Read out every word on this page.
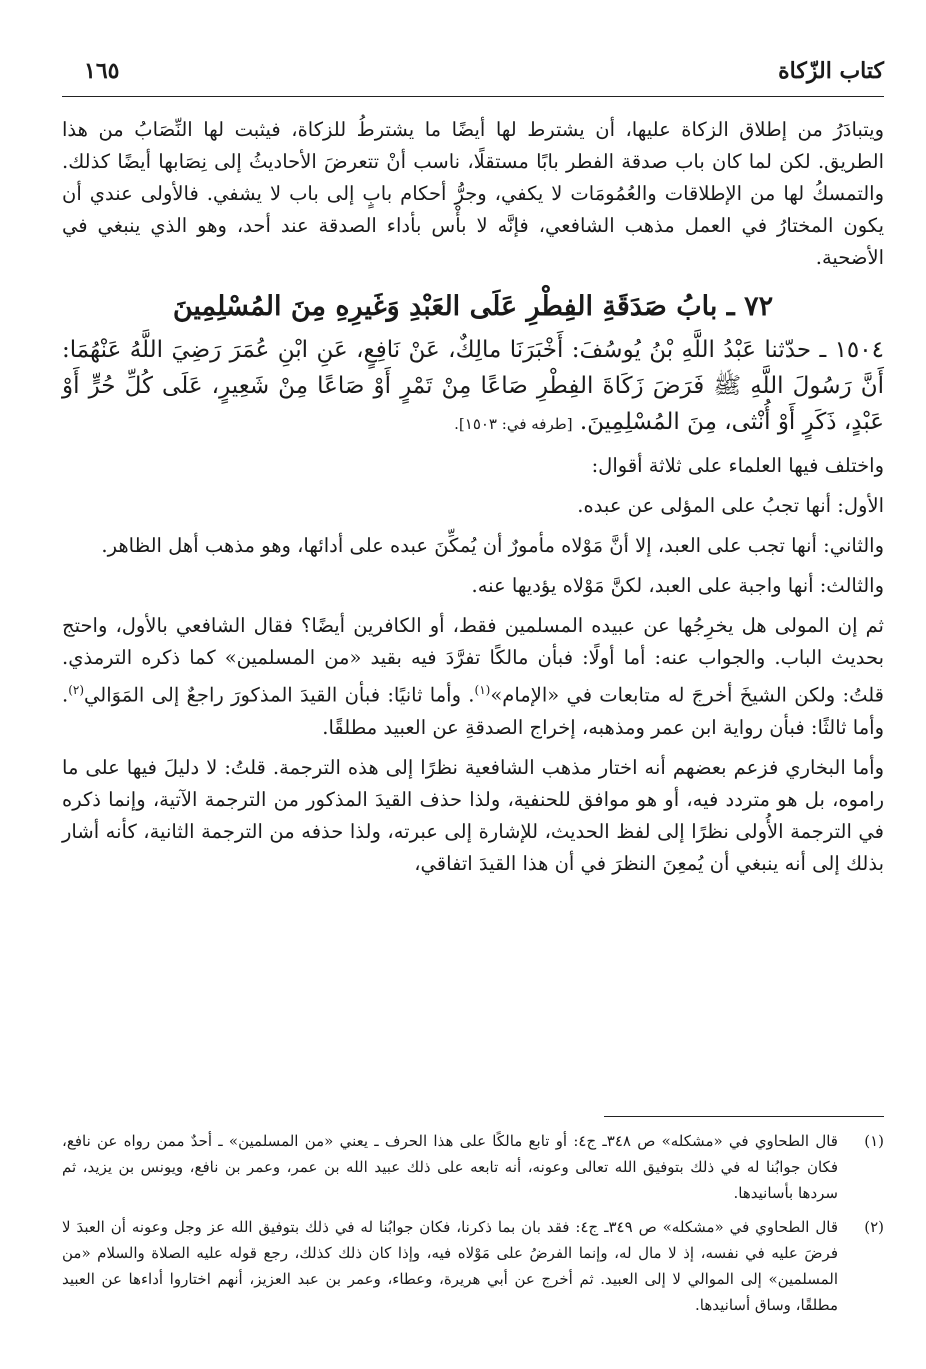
كتاب الزّكاة
١٦٥

ويتبادَرُ من إطلاق الزكاة عليها، أن يشترط لها أيضًا ما يشترطُ للزكاة، فيثبت لها النِّصَابُ من هذا الطريق. لكن لما كان باب صدقة الفطر بابًا مستقلًا، ناسب أنْ تتعرضَ الأحاديثُ إلى نِصَابها أيضًا كذلك. والتمسكُ لها من الإطلاقات والعُمُومَات لا يكفي، وجرُّ أحكام بابٍ إلى باب لا يشفي. فالأولى عندي أن يكون المختارُ في العمل مذهب الشافعي، فإنَّه لا بأْس بأداء الصدقة عند أحد، وهو الذي ينبغي في الأضحية.

٧٢ ـ بابُ صَدَقَةِ الفِطْرِ عَلَى العَبْدِ وَغَيرِهِ مِنَ المُسْلِمِينَ

١٥٠٤ ـ حدّثنا عَبْدُ اللَّهِ بْنُ يُوسُفَ: أَخْبَرَنَا مالِكٌ، عَنْ نَافِعٍ، عَنِ ابْنِ عُمَرَ رَضِيَ اللَّهُ عَنْهُمَا: أَنَّ رَسُولَ اللَّهِ ﷺ فَرَضَ زَكَاةَ الفِطْرِ صَاعًا مِنْ تَمْرٍ أَوْ صَاعًا مِنْ شَعِيرٍ، عَلَى كُلِّ حُرٍّ أَوْ عَبْدٍ، ذَكَرٍ أَوْ أُنْثى، مِنَ المُسْلِمِينَ. [طرفه في: ١٥٠٣].

واختلف فيها العلماء على ثلاثة أقوال:

الأول: أنها تجبُ على المؤلى عن عبده.

والثاني: أنها تجب على العبد، إلا أنَّ مَوْلاه مأمورٌ أن يُمكِّنَ عبده على أدائها، وهو مذهب أهل الظاهر.

والثالث: أنها واجبة على العبد، لكنَّ مَوْلاه يؤديها عنه.

ثم إن المولى هل يخرِجُها عن عبيده المسلمين فقط، أو الكافرين أيضًا؟ فقال الشافعي بالأول، واحتج بحديث الباب. والجواب عنه: أما أولًا: فبأن مالكًا تفرَّدَ فيه بقيد «من المسلمين» كما ذكره الترمذي. قلتُ: ولكن الشيخَ أخرجَ له متابعات في «الإمام»$^{(١)}$. وأما ثانيًا: فبأن القيدَ المذكورَ راجعٌ إلى المَوَالي$^{(٢)}$. وأما ثالثًا: فبأن رواية ابن عمر ومذهبه، إخراج الصدقةِ عن العبيد مطلقًا.

وأما البخاري فزعم بعضهم أنه اختار مذهب الشافعية نظرًا إلى هذه الترجمة. قلتُ: لا دليلَ فيها على ما راموه، بل هو متردد فيه، أو هو موافق للحنفية، ولذا حذف القيدَ المذكور من الترجمة الآتية، وإنما ذكره في الترجمة الأُولى نظرًا إلى لفظ الحديث، للإشارة إلى عبرته، ولذا حذفه من الترجمة الثانية، كأنه أشار بذلك إلى أنه ينبغي أن يُمعِنَ النظرَ في أن هذا القيدَ اتفاقي،

(١)
قال الطحاوي في «مشكله» ص ٣٤٨ـ ج٤: أو تابع مالكًا على هذا الحرف ـ يعني «من المسلمين» ـ أحدٌ ممن رواه عن نافع، فكان جوابُنا له في ذلك بتوفيق الله تعالى وعونه، أنه تابعه على ذلك عبيد الله بن عمر، وعمر بن نافع، ويونس بن يزيد، ثم سردها بأسانيدها.
(٢)
قال الطحاوي في «مشكله» ص ٣٤٩ـ ج٤: فقد بان بما ذكرنا، فكان جوابُنا له في ذلك بتوفيق الله عز وجل وعونه أن العبدَ لا فرضَ عليه في نفسه، إذ لا مال له، وإنما الفرضُ على مَوْلاه فيه، وإذا كان ذلك كذلك، رجع قوله عليه الصلاة والسلام «من المسلمين» إلى الموالي لا إلى العبيد. ثم أخرج عن أبي هريرة، وعطاء، وعمر بن عبد العزيز، أنهم اختاروا أداءها عن العبيد مطلقًا، وساق أسانيدها.
